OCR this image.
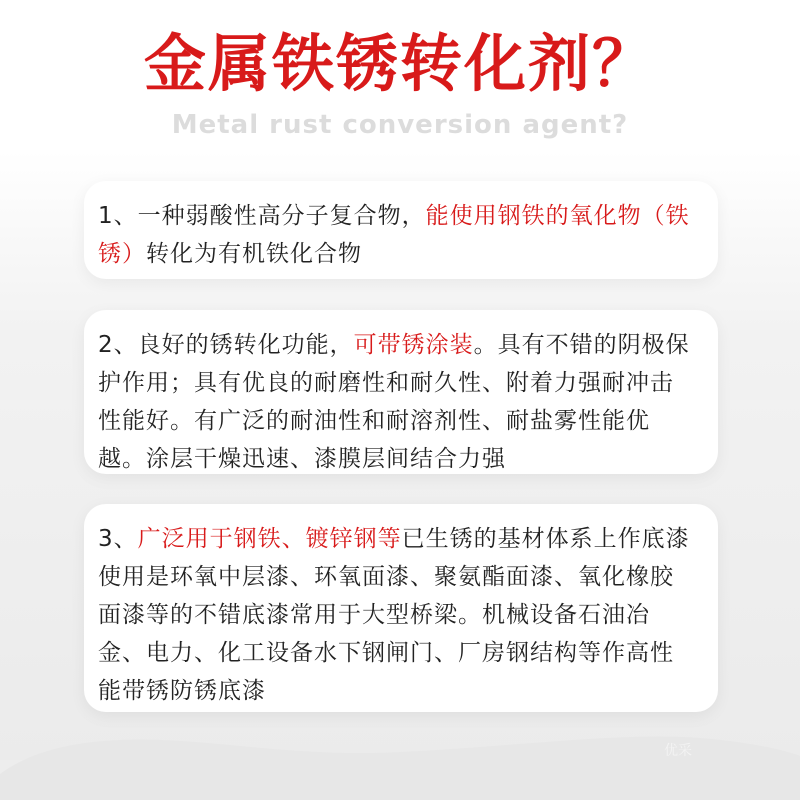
金属铁锈转化剂？
Metal rust conversion agent?
1、一种弱酸性高分子复合物，能使用钢铁的氧化物（铁锈）转化为有机铁化合物
2、良好的锈转化功能，可带锈涂装。具有不错的阴极保护作用；具有优良的耐磨性和耐久性、附着力强耐冲击性能好。有广泛的耐油性和耐溶剂性、耐盐雾性能优越。涂层干燥迅速、漆膜层间结合力强
3、广泛用于钢铁、镀锌钢等已生锈的基材体系上作底漆使用是环氧中层漆、环氧面漆、聚氨酯面漆、氧化橡胶面漆等的不错底漆常用于大型桥梁。机械设备石油冶金、电力、化工设备水下钢闸门、厂房钢结构等作高性能带锈防锈底漆
优采
